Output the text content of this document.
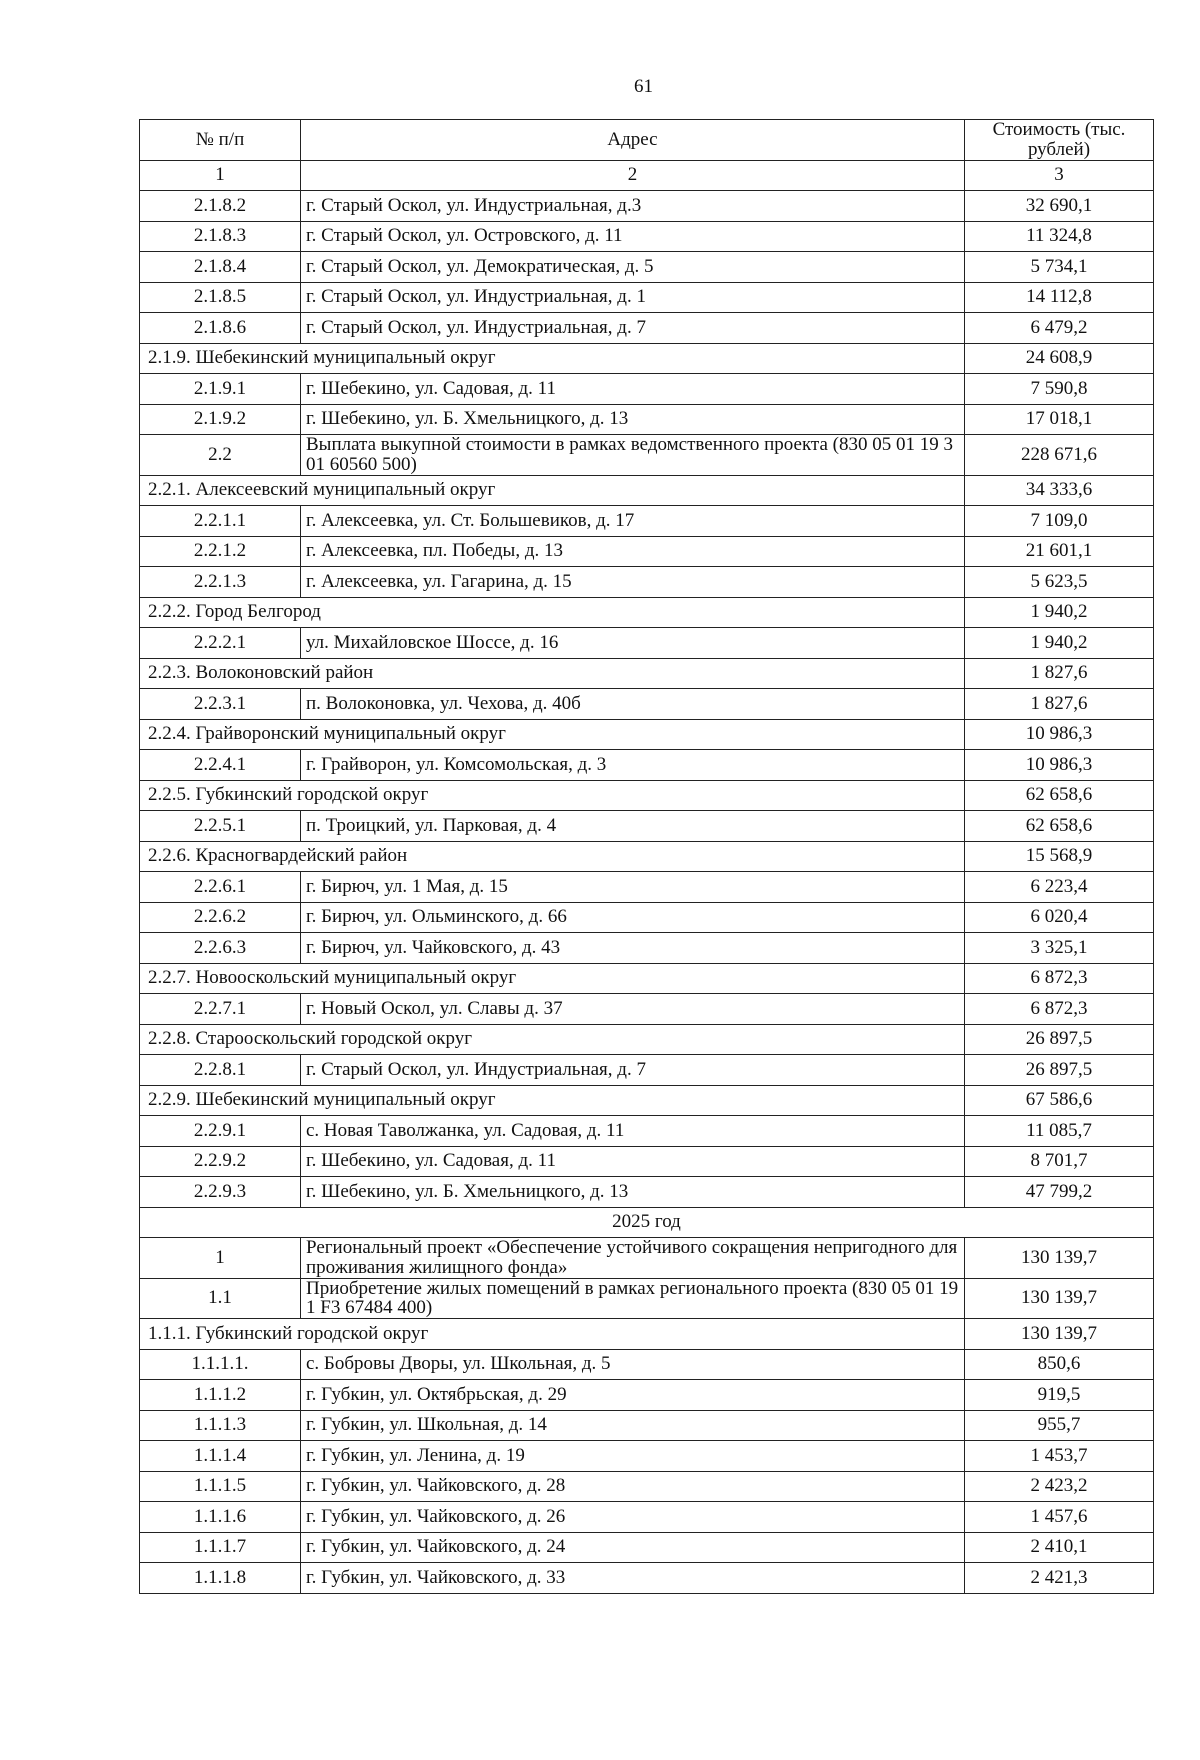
61
№ п/п	Адрес	Стоимость (тыс. рублей)
1	2	3
2.1.8.2	г. Старый Оскол, ул. Индустриальная, д.3	32 690,1
2.1.8.3	г. Старый Оскол, ул. Островского, д. 11	11 324,8
2.1.8.4	г. Старый Оскол, ул. Демократическая, д. 5	5 734,1
2.1.8.5	г. Старый Оскол, ул. Индустриальная, д. 1	14 112,8
2.1.8.6	г. Старый Оскол, ул. Индустриальная, д. 7	6 479,2
2.1.9. Шебекинский муниципальный округ		24 608,9
2.1.9.1	г. Шебекино, ул. Садовая, д. 11	7 590,8
2.1.9.2	г. Шебекино, ул. Б. Хмельницкого, д. 13	17 018,1
2.2	Выплата выкупной стоимости в рамках ведомственного проекта (830 05 01 19 3 01 60560 500)	228 671,6
2.2.1. Алексеевский муниципальный округ		34 333,6
2.2.1.1	г. Алексеевка, ул. Ст. Большевиков, д. 17	7 109,0
2.2.1.2	г. Алексеевка, пл. Победы, д. 13	21 601,1
2.2.1.3	г. Алексеевка, ул. Гагарина, д. 15	5 623,5
2.2.2. Город Белгород		1 940,2
2.2.2.1	ул. Михайловское Шоссе, д. 16	1 940,2
2.2.3. Волоконовский район		1 827,6
2.2.3.1	п. Волоконовка, ул. Чехова, д. 40б	1 827,6
2.2.4. Грайворонский муниципальный округ		10 986,3
2.2.4.1	г. Грайворон, ул. Комсомольская, д. 3	10 986,3
2.2.5. Губкинский городской округ		62 658,6
2.2.5.1	п. Троицкий, ул. Парковая, д. 4	62 658,6
2.2.6. Красногвардейский район		15 568,9
2.2.6.1	г. Бирюч, ул. 1 Мая, д. 15	6 223,4
2.2.6.2	г. Бирюч, ул. Ольминского, д. 66	6 020,4
2.2.6.3	г. Бирюч, ул. Чайковского, д. 43	3 325,1
2.2.7. Новооскольский муниципальный округ		6 872,3
2.2.7.1	г. Новый Оскол, ул. Славы д. 37	6 872,3
2.2.8. Старооскольский городской округ		26 897,5
2.2.8.1	г. Старый Оскол, ул. Индустриальная, д. 7	26 897,5
2.2.9. Шебекинский муниципальный округ		67 586,6
2.2.9.1	с. Новая Таволжанка, ул. Садовая, д. 11	11 085,7
2.2.9.2	г. Шебекино, ул. Садовая, д. 11	8 701,7
2.2.9.3	г. Шебекино, ул. Б. Хмельницкого, д. 13	47 799,2
2025 год		
1	Региональный проект «Обеспечение устойчивого сокращения непригодного для проживания жилищного фонда»	130 139,7
1.1	Приобретение жилых помещений в рамках регионального проекта (830 05 01 19 1 F3 67484 400)	130 139,7
1.1.1. Губкинский городской округ		130 139,7
1.1.1.1.	с. Бобровы Дворы, ул. Школьная, д. 5	850,6
1.1.1.2	г. Губкин, ул. Октябрьская, д. 29	919,5
1.1.1.3	г. Губкин, ул. Школьная, д. 14	955,7
1.1.1.4	г. Губкин, ул. Ленина, д. 19	1 453,7
1.1.1.5	г. Губкин, ул. Чайковского, д. 28	2 423,2
1.1.1.6	г. Губкин, ул. Чайковского, д. 26	1 457,6
1.1.1.7	г. Губкин, ул. Чайковского, д. 24	2 410,1
1.1.1.8	г. Губкин, ул. Чайковского, д. 33	2 421,3
